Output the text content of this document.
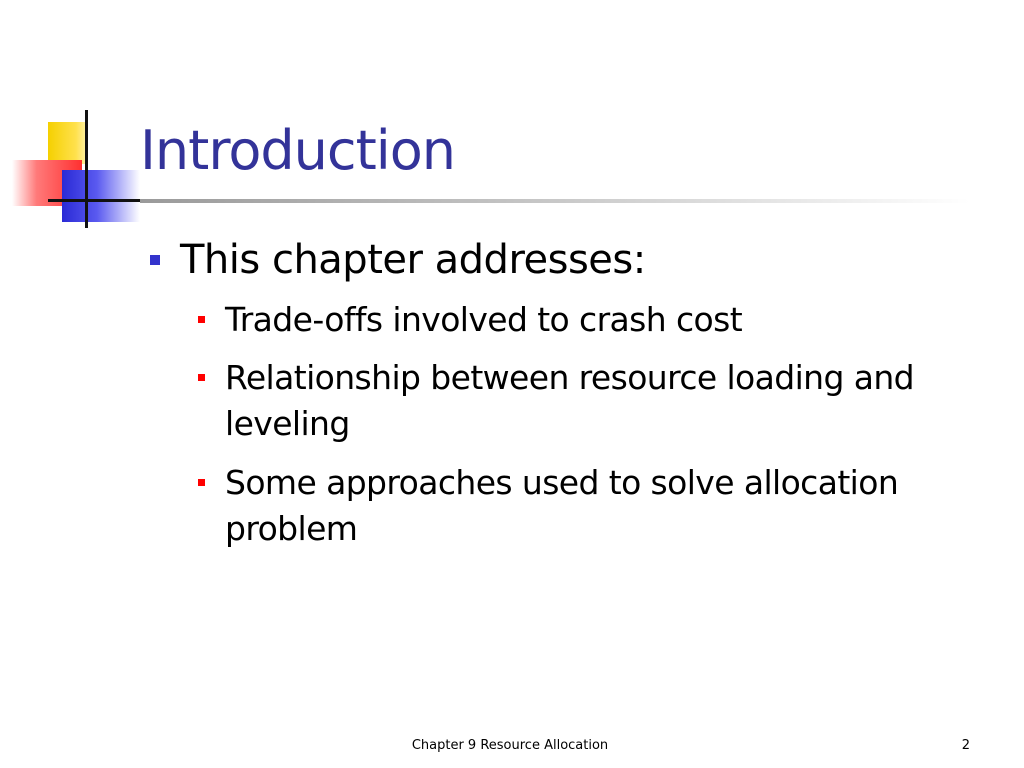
Introduction
This chapter addresses:
Trade-offs involved to crash cost
Relationship between resource loading and leveling
Some approaches used to solve allocation problem
Chapter 9 Resource Allocation	2
